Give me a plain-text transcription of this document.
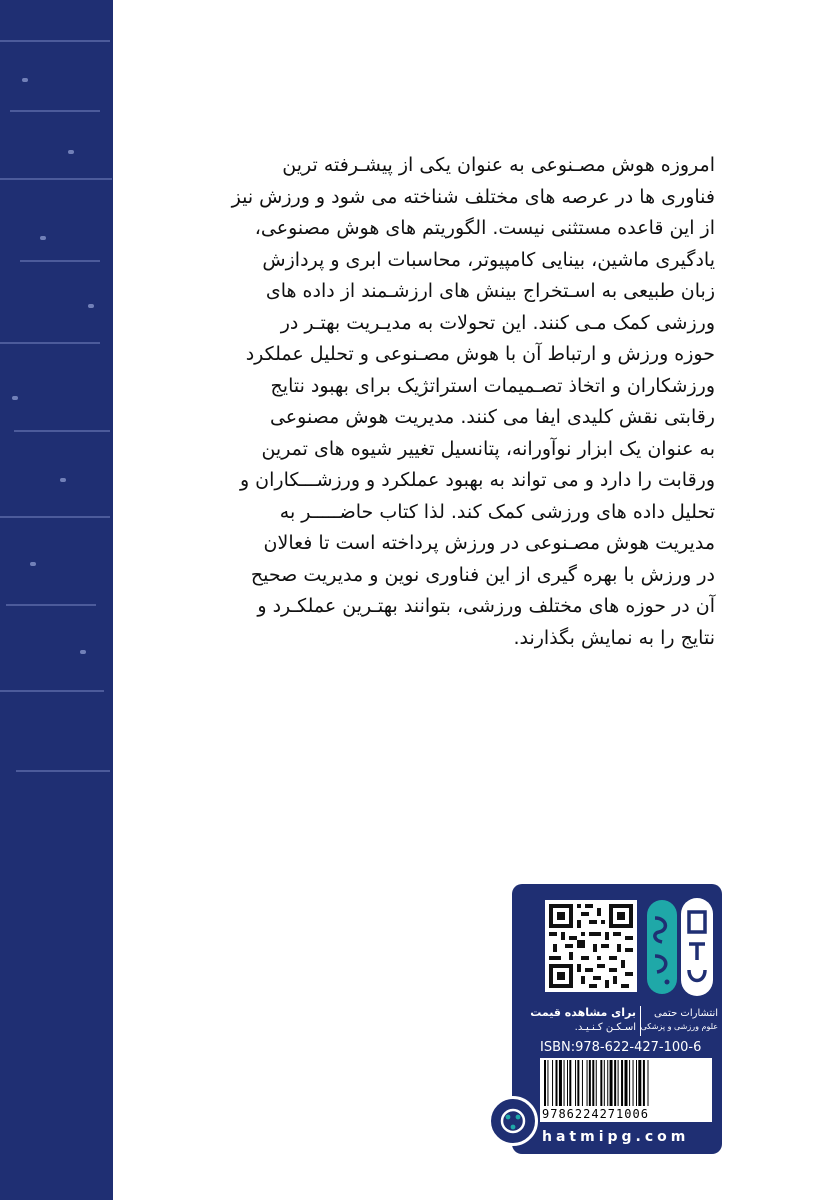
امروزه هوش مصـنوعی به عنوان یکی از پیشـرفته ترین
فناوری ها در عرصه های مختلف شناخته می شود و ورزش نیز
از این قاعده مستثنی نیست. الگوریتم های هوش مصنوعی،
یادگیری ماشین، بینایی کامپیوتر، محاسبات ابری و پردازش
زبان طبیعی به اسـتخراج بینش های ارزشـمند از داده های
ورزشی کمک مـی کنند. این تحولات به مدیـریت بهتـر در
حوزه ورزش و ارتباط آن با هوش مصـنوعی و تحلیل عملکرد
ورزشکاران و اتخاذ تصـمیمات استراتژیک برای بهبود نتایج
رقابتی نقش کلیدی ایفا می کنند. مدیریت هوش مصنوعی
به عنوان یک ابزار نوآورانه، پتانسیل تغییر شیوه های تمرین
ورقابت را دارد و می تواند به بهبود عملکرد و ورزشـــکاران و
تحلیل داده های ورزشی کمک کند. لذا کتاب حاضـــــر به
مدیریت هوش مصـنوعی در ورزش پرداخته است تا فعالان
در ورزش با بهره گیری از این فناوری نوین و مدیریت صحیح
آن در حوزه های مختلف ورزشی، بتوانند بهتـرین عملکـرد و
نتایج را به نمایش بگذارند.
انتشارات حتمی
علوم ورزشی و پزشکی
برای مشاهده قیمت
اسـکـن کـنـیـد.
ISBN:978-622-427-100-6
9786224271006
hatmipg.com
